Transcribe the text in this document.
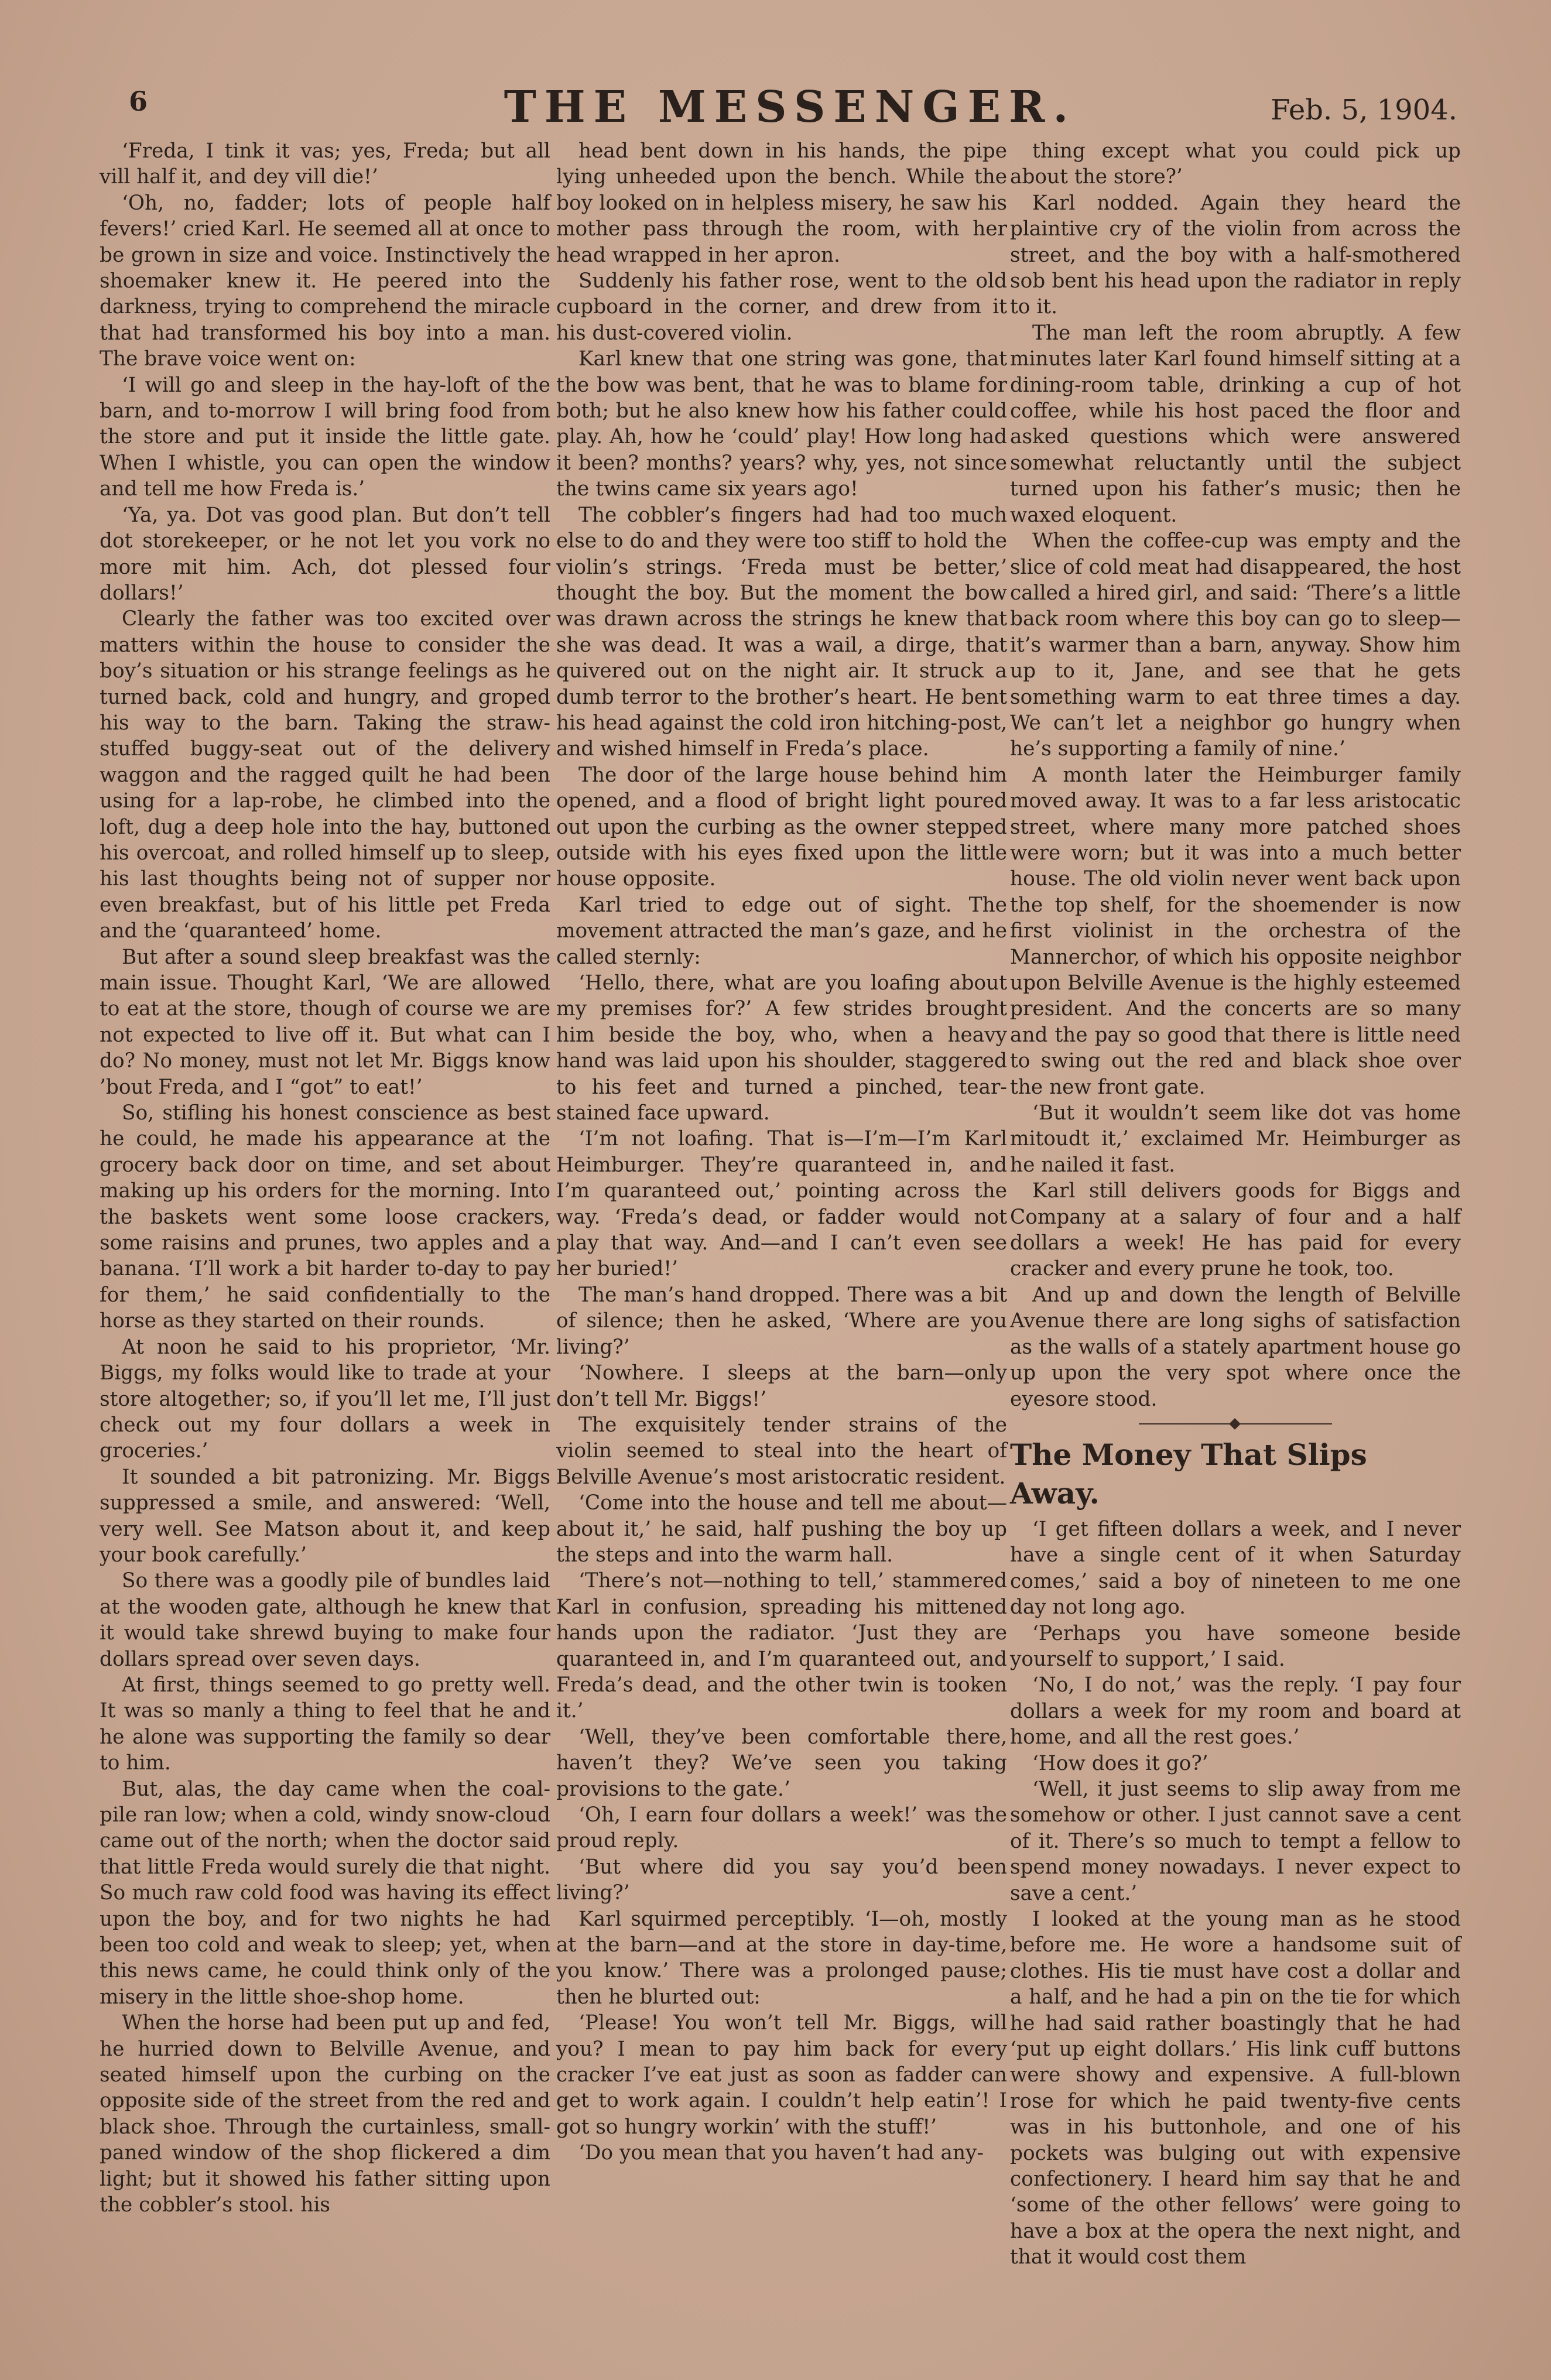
6	THE MESSENGER.	Feb. 5, 1904.

‘Freda, I tink it vas; yes, Freda; but all vill half it, and dey vill die!’

‘Oh, no, fadder; lots of people half fevers!’ cried Karl. He seemed all at once to be grown in size and voice. Instinctively the shoemaker knew it. He peered into the darkness, trying to comprehend the miracle that had transformed his boy into a man. The brave voice went on:

‘I will go and sleep in the hay-loft of the barn, and to-morrow I will bring food from the store and put it inside the little gate. When I whistle, you can open the window and tell me how Freda is.’

‘Ya, ya. Dot vas good plan. But don’t tell dot storekeeper, or he not let you vork no more mit him. Ach, dot plessed four dollars!’

Clearly the father was too excited over matters within the house to consider the boy’s situation or his strange feelings as he turned back, cold and hungry, and groped his way to the barn. Taking the straw-stuffed buggy-seat out of the delivery waggon and the ragged quilt he had been using for a lap-robe, he climbed into the loft, dug a deep hole into the hay, buttoned his overcoat, and rolled himself up to sleep, his last thoughts being not of supper nor even breakfast, but of his little pet Freda and the ‘quaranteed’ home.

But after a sound sleep breakfast was the main issue. Thought Karl, ‘We are allowed to eat at the store, though of course we are not expected to live off it. But what can I do? No money, must not let Mr. Biggs know ’bout Freda, and I “got” to eat!’

So, stifling his honest conscience as best he could, he made his appearance at the grocery back door on time, and set about making up his orders for the morning. Into the baskets went some loose crackers, some raisins and prunes, two apples and a banana. ‘I’ll work a bit harder to-day to pay for them,’ he said confidentially to the horse as they started on their rounds.

At noon he said to his proprietor, ‘Mr. Biggs, my folks would like to trade at your store altogether; so, if you’ll let me, I’ll just check out my four dollars a week in groceries.’

It sounded a bit patronizing. Mr. Biggs suppressed a smile, and answered: ‘Well, very well. See Matson about it, and keep your book carefully.’

So there was a goodly pile of bundles laid at the wooden gate, although he knew that it would take shrewd buying to make four dollars spread over seven days.

At first, things seemed to go pretty well. It was so manly a thing to feel that he and he alone was supporting the family so dear to him.

But, alas, the day came when the coal-pile ran low; when a cold, windy snow-cloud came out of the north; when the doctor said that little Freda would surely die that night. So much raw cold food was having its effect upon the boy, and for two nights he had been too cold and weak to sleep; yet, when this news came, he could think only of the misery in the little shoe-shop home.

When the horse had been put up and fed, he hurried down to Belville Avenue, and seated himself upon the curbing on the opposite side of the street from the red and black shoe. Through the curtainless, small-paned window of the shop flickered a dim light; but it showed his father sitting upon the cobbler’s stool. his

head bent down in his hands, the pipe lying unheeded upon the bench. While the boy looked on in helpless misery, he saw his mother pass through the room, with her head wrapped in her apron.

Suddenly his father rose, went to the old cupboard in the corner, and drew from it his dust-covered violin.

Karl knew that one string was gone, that the bow was bent, that he was to blame for both; but he also knew how his father could play. Ah, how he ‘could’ play! How long had it been? months? years? why, yes, not since the twins came six years ago!

The cobbler’s fingers had had too much else to do and they were too stiff to hold the violin’s strings. ‘Freda must be better,’ thought the boy. But the moment the bow was drawn across the strings he knew that she was dead. It was a wail, a dirge, that quivered out on the night air. It struck a dumb terror to the brother’s heart. He bent his head against the cold iron hitching-post, and wished himself in Freda’s place.

The door of the large house behind him opened, and a flood of bright light poured out upon the curbing as the owner stepped outside with his eyes fixed upon the little house opposite.

Karl tried to edge out of sight. The movement attracted the man’s gaze, and he called sternly:

‘Hello, there, what are you loafing about my premises for?’ A few strides brought him beside the boy, who, when a heavy hand was laid upon his shoulder, staggered to his feet and turned a pinched, tear-stained face upward.

‘I’m not loafing. That is—I’m—I’m Karl Heimburger. They’re quaranteed in, and I’m quaranteed out,’ pointing across the way. ‘Freda’s dead, or fadder would not play that way. And—and I can’t even see her buried!’

The man’s hand dropped. There was a bit of silence; then he asked, ‘Where are you living?’

‘Nowhere. I sleeps at the barn—only don’t tell Mr. Biggs!’

The exquisitely tender strains of the violin seemed to steal into the heart of Belville Avenue’s most aristocratic resident.

‘Come into the house and tell me about—about it,’ he said, half pushing the boy up the steps and into the warm hall.

‘There’s not—nothing to tell,’ stammered Karl in confusion, spreading his mittened hands upon the radiator. ‘Just they are quaranteed in, and I’m quaranteed out, and Freda’s dead, and the other twin is tooken it.’

‘Well, they’ve been comfortable there, haven’t they? We’ve seen you taking provisions to the gate.’

‘Oh, I earn four dollars a week!’ was the proud reply.

‘But where did you say you’d been living?’

Karl squirmed perceptibly. ‘I—oh, mostly at the barn—and at the store in day-time, you know.’ There was a prolonged pause; then he blurted out:

‘Please! You won’t tell Mr. Biggs, will you? I mean to pay him back for every cracker I’ve eat just as soon as fadder can get to work again. I couldn’t help eatin’! I got so hungry workin’ with the stuff!’

‘Do you mean that you haven’t had any-

thing except what you could pick up about the store?’

Karl nodded. Again they heard the plaintive cry of the violin from across the street, and the boy with a half-smothered sob bent his head upon the radiator in reply to it.

The man left the room abruptly. A few minutes later Karl found himself sitting at a dining-room table, drinking a cup of hot coffee, while his host paced the floor and asked questions which were answered somewhat reluctantly until the subject turned upon his father’s music; then he waxed eloquent.

When the coffee-cup was empty and the slice of cold meat had disappeared, the host called a hired girl, and said: ‘There’s a little back room where this boy can go to sleep—it’s warmer than a barn, anyway. Show him up to it, Jane, and see that he gets something warm to eat three times a day. We can’t let a neighbor go hungry when he’s supporting a family of nine.’

A month later the Heimburger family moved away. It was to a far less aristocatic street, where many more patched shoes were worn; but it was into a much better house. The old violin never went back upon the top shelf, for the shoemender is now first violinist in the orchestra of the Mannerchor, of which his opposite neighbor upon Belville Avenue is the highly esteemed president. And the concerts are so many and the pay so good that there is little need to swing out the red and black shoe over the new front gate.

‘But it wouldn’t seem like dot vas home mitoudt it,’ exclaimed Mr. Heimburger as he nailed it fast.

Karl still delivers goods for Biggs and Company at a salary of four and a half dollars a week! He has paid for every cracker and every prune he took, too.

And up and down the length of Belville Avenue there are long sighs of satisfaction as the walls of a stately apartment house go up upon the very spot where once the eyesore stood.

The Money That Slips Away.

‘I get fifteen dollars a week, and I never have a single cent of it when Saturday comes,’ said a boy of nineteen to me one day not long ago.

‘Perhaps you have someone beside yourself to support,’ I said.

‘No, I do not,’ was the reply. ‘I pay four dollars a week for my room and board at home, and all the rest goes.’

‘How does it go?’

‘Well, it just seems to slip away from me somehow or other. I just cannot save a cent of it. There’s so much to tempt a fellow to spend money nowadays. I never expect to save a cent.’

I looked at the young man as he stood before me. He wore a handsome suit of clothes. His tie must have cost a dollar and a half, and he had a pin on the tie for which he had said rather boastingly that he had ‘put up eight dollars.’ His link cuff buttons were showy and expensive. A full-blown rose for which he paid twenty-five cents was in his buttonhole, and one of his pockets was bulging out with expensive confectionery. I heard him say that he and ‘some of the other fellows’ were going to have a box at the opera the next night, and that it would cost them
